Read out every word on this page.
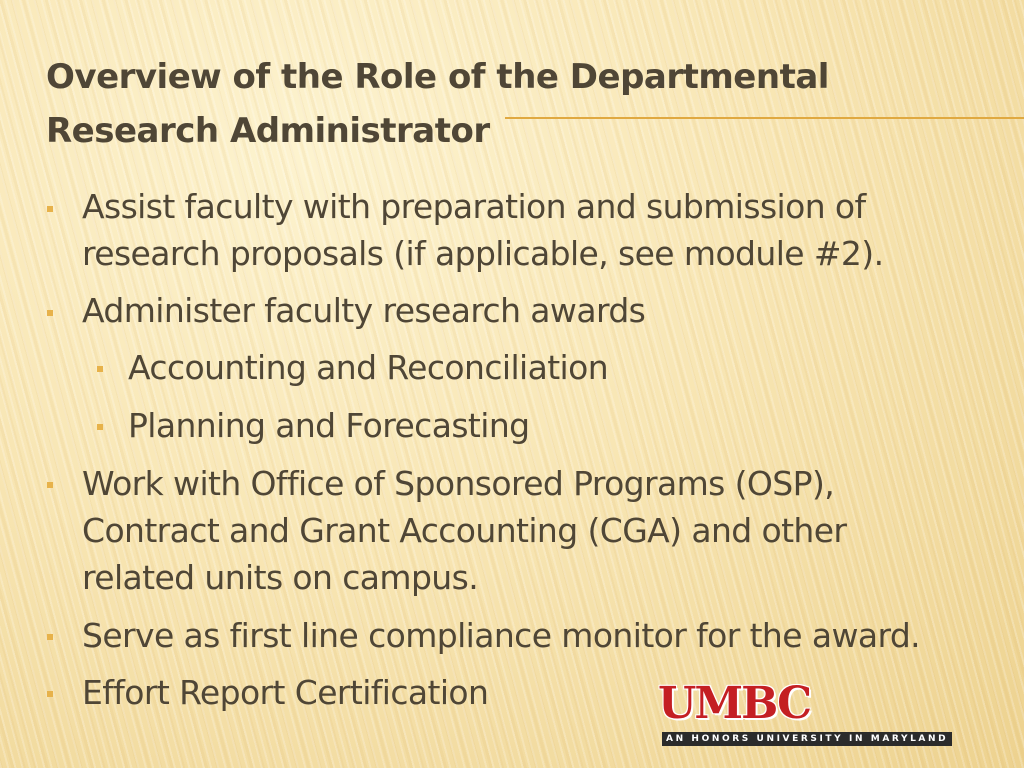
Overview of the Role of the Departmental
Research Administrator
Assist faculty with preparation and submission of
research proposals (if applicable, see module #2).
Administer faculty research awards
Accounting and Reconciliation
Planning and Forecasting
Work with Office of Sponsored Programs (OSP),
Contract and Grant Accounting (CGA) and other
related units on campus.
Serve as first line compliance monitor for the award.
Effort Report Certification	UMBC
AN HONORS UNIVERSITY IN MARYLAND
